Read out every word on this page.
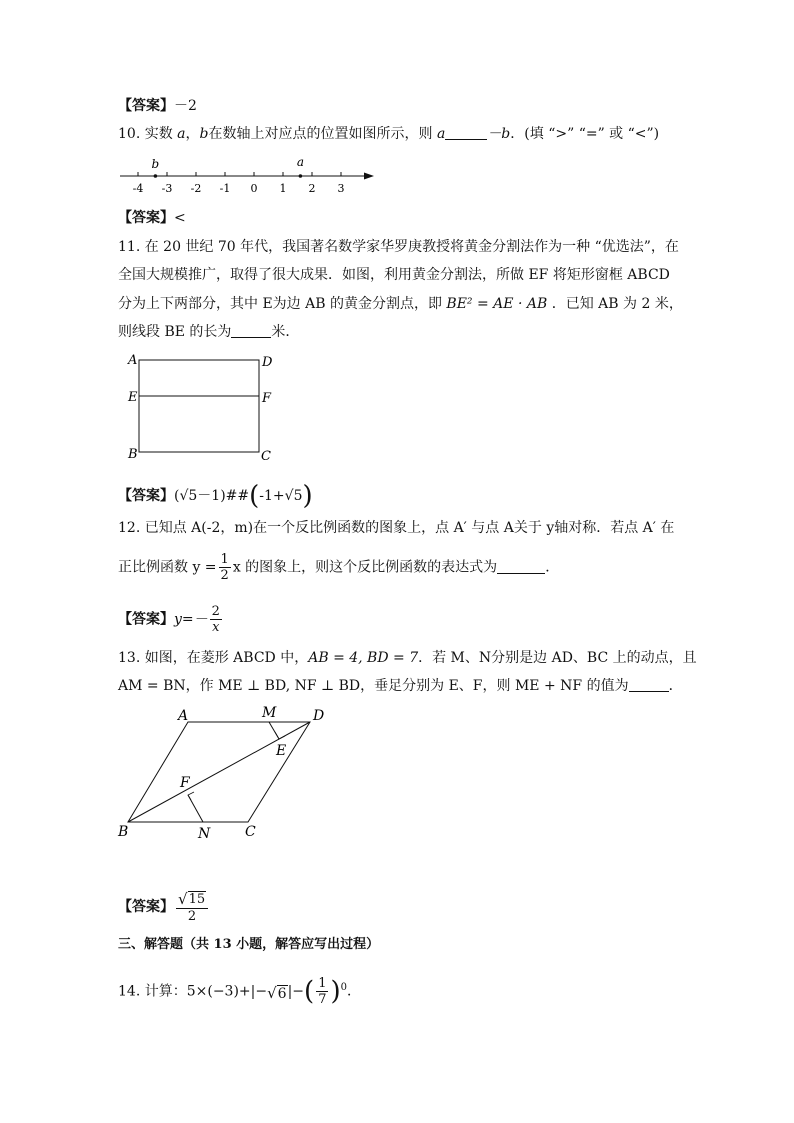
【答案】－2
10. 实数 a，b在数轴上对应点的位置如图所示，则 a	－b．(填 “>” “=” 或 “<”)
-4 -3 -2 -1 0 1 2 3
b	a
【答案】<
11. 在 20 世纪 70 年代，我国著名数学家华罗庚教授将黄金分割法作为一种 “优选法”，在
全国大规模推广，取得了很大成果．如图，利用黄金分割法，所做 EF 将矩形窗框 ABCD
分为上下两部分，其中 E为边 AB 的黄金分割点，即 BE² = AE · AB ．已知 AB 为 2 米，
则线段 BE 的长为	米．
A	D
E	F
B	C
【答案】(√5－1)##(-1+√5)
12. 已知点 A(-2，m)在一个反比例函数的图象上，点 A′ 与点 A关于 y轴对称．若点 A′ 在
正比例函数 $y = \frac{1}{2}$ x 的图象上，则这个反比例函数的表达式为	．
【答案】$y=- \frac{2}{x}$
13. 如图，在菱形 ABCD 中，AB = 4, BD = 7．若 M、N分别是边 AD、BC 上的动点，且
AM = BN，作 ME ⊥ BD, NF ⊥ BD，垂足分别为 E、F，则 ME + NF 的值为	．
A	M	D
E
F
B	N C
【答案】 $\frac{√ 15}{2}$
三、解答题（共 13 小题，解答应写出过程）
14. 计算：5×(−3)+|− √ 6 |−( $\frac{1}{7} )^0$．
